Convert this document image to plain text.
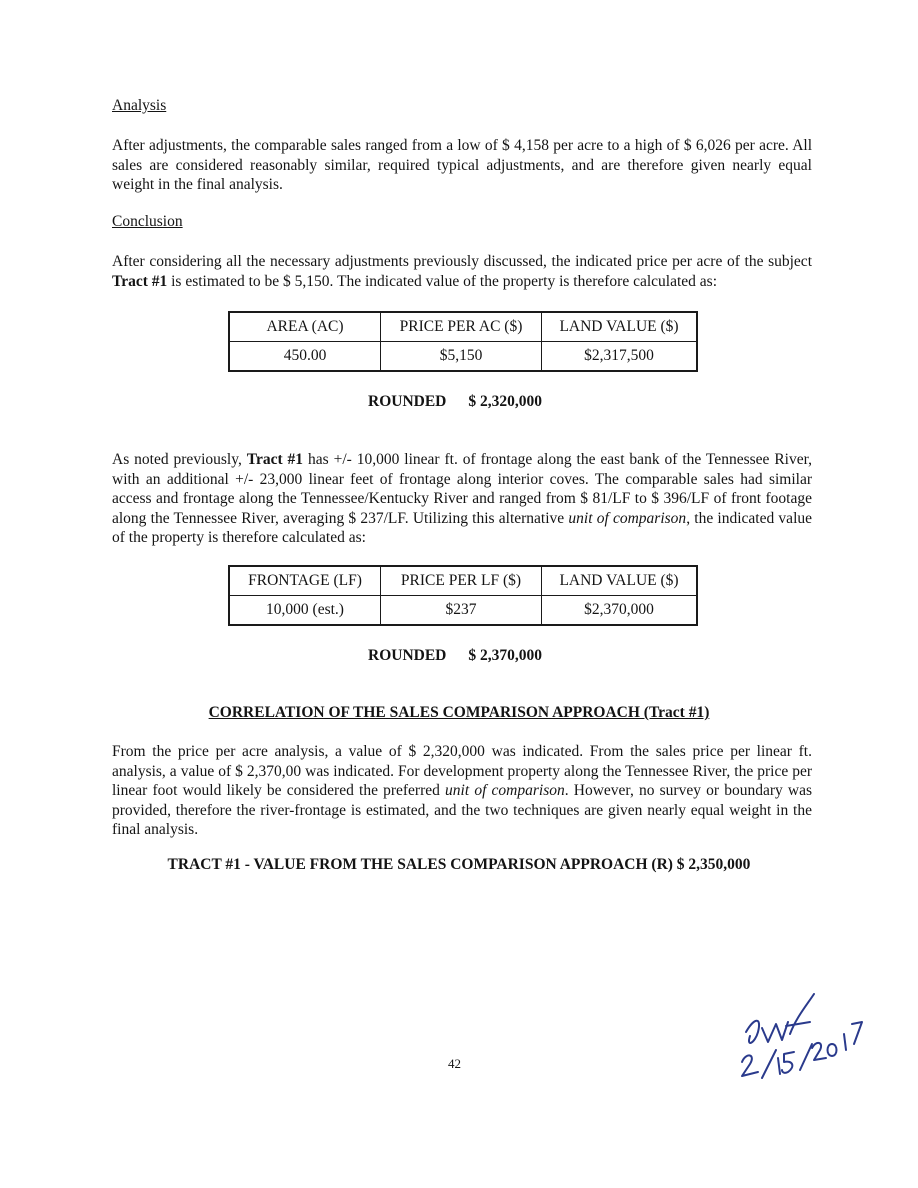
Analysis

After adjustments, the comparable sales ranged from a low of $ 4,158 per acre to a high of $ 6,026 per acre. All sales are considered reasonably similar, required typical adjustments, and are therefore given nearly equal weight in the final analysis.

Conclusion

After considering all the necessary adjustments previously discussed, the indicated price per acre of the subject Tract #1 is estimated to be $ 5,150. The indicated value of the property is therefore calculated as:

AREA (AC)	PRICE PER AC ($)	LAND VALUE ($)
450.00	$5,150	$2,317,500
ROUNDED $ 2,320,000

As noted previously, Tract #1 has +/- 10,000 linear ft. of frontage along the east bank of the Tennessee River, with an additional +/- 23,000 linear feet of frontage along interior coves. The comparable sales had similar access and frontage along the Tennessee/Kentucky River and ranged from $ 81/LF to $ 396/LF of front footage along the Tennessee River, averaging $ 237/LF. Utilizing this alternative unit of comparison, the indicated value of the property is therefore calculated as:

FRONTAGE (LF)	PRICE PER LF ($)	LAND VALUE ($)
10,000 (est.)	$237	$2,370,000
ROUNDED $ 2,370,000
CORRELATION OF THE SALES COMPARISON APPROACH (Tract #1)

From the price per acre analysis, a value of $ 2,320,000 was indicated. From the sales price per linear ft. analysis, a value of $ 2,370,00 was indicated. For development property along the Tennessee River, the price per linear foot would likely be considered the preferred unit of comparison. However, no survey or boundary was provided, therefore the river-frontage is estimated, and the two techniques are given nearly equal weight in the final analysis.

TRACT #1 - VALUE FROM THE SALES COMPARISON APPROACH (R) $ 2,350,000
42
